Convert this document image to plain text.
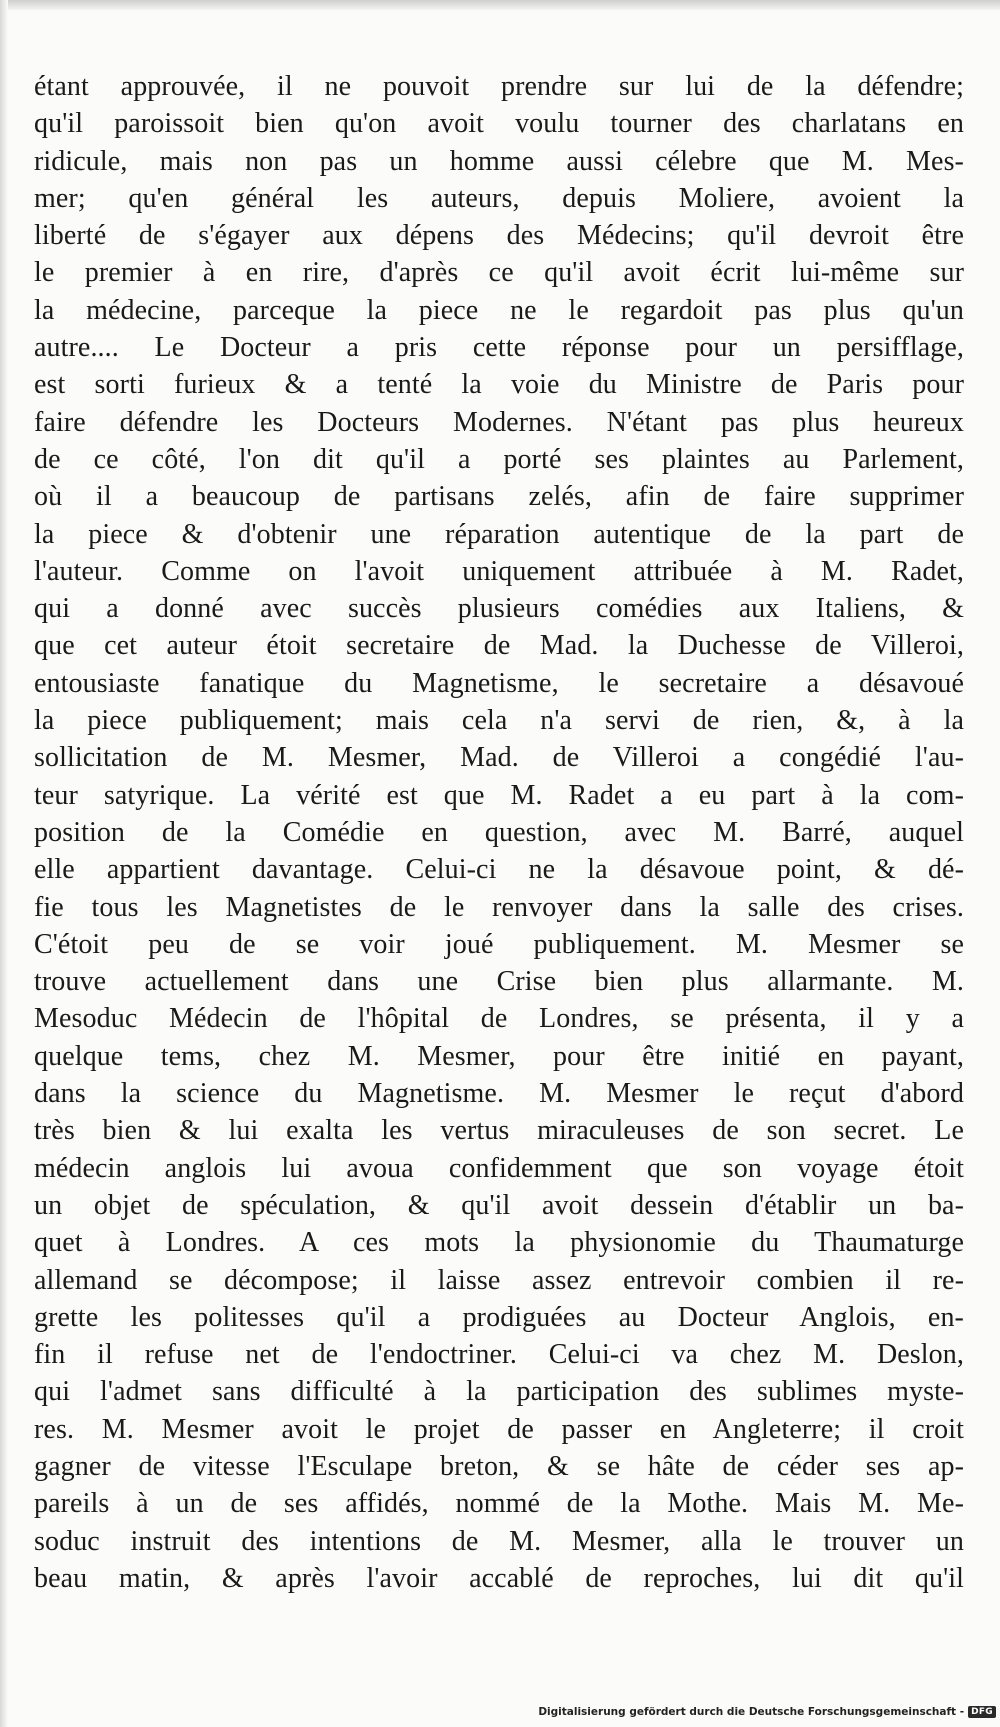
étant approuvée, il ne pouvoit prendre sur lui de la défendre;
qu'il paroissoit bien qu'on avoit voulu tourner des charlatans en
ridicule, mais non pas un homme aussi célebre que M. Mes-
mer; qu'en général les auteurs, depuis Moliere, avoient la
liberté de s'égayer aux dépens des Médecins; qu'il devroit être
le premier à en rire, d'après ce qu'il avoit écrit lui-même sur
la médecine, parceque la piece ne le regardoit pas plus qu'un
autre.... Le Docteur a pris cette réponse pour un persifflage,
est sorti furieux & a tenté la voie du Ministre de Paris pour
faire défendre les Docteurs Modernes. N'étant pas plus heureux
de ce côté, l'on dit qu'il a porté ses plaintes au Parlement,
où il a beaucoup de partisans zelés, afin de faire supprimer
la piece & d'obtenir une réparation autentique de la part de
l'auteur. Comme on l'avoit uniquement attribuée à M. Radet,
qui a donné avec succès plusieurs comédies aux Italiens, &
que cet auteur étoit secretaire de Mad. la Duchesse de Villeroi,
entousiaste fanatique du Magnetisme, le secretaire a désavoué
la piece publiquement; mais cela n'a servi de rien, &, à la
sollicitation de M. Mesmer, Mad. de Villeroi a congédié l'au-
teur satyrique. La vérité est que M. Radet a eu part à la com-
position de la Comédie en question, avec M. Barré, auquel
elle appartient davantage. Celui-ci ne la désavoue point, & dé-
fie tous les Magnetistes de le renvoyer dans la salle des crises.
C'étoit peu de se voir joué publiquement. M. Mesmer se
trouve actuellement dans une Crise bien plus allarmante. M.
Mesoduc Médecin de l'hôpital de Londres, se présenta, il y a
quelque tems, chez M. Mesmer, pour être initié en payant,
dans la science du Magnetisme. M. Mesmer le reçut d'abord
très bien & lui exalta les vertus miraculeuses de son secret. Le
médecin anglois lui avoua confidemment que son voyage étoit
un objet de spéculation, & qu'il avoit dessein d'établir un ba-
quet à Londres. A ces mots la physionomie du Thaumaturge
allemand se décompose; il laisse assez entrevoir combien il re-
grette les politesses qu'il a prodiguées au Docteur Anglois, en-
fin il refuse net de l'endoctriner. Celui-ci va chez M. Deslon,
qui l'admet sans difficulté à la participation des sublimes myste-
res. M. Mesmer avoit le projet de passer en Angleterre; il croit
gagner de vitesse l'Esculape breton, & se hâte de céder ses ap-
pareils à un de ses affidés, nommé de la Mothe. Mais M. Me-
soduc instruit des intentions de M. Mesmer, alla le trouver un
beau matin, & après l'avoir accablé de reproches, lui dit qu'il
Digitalisierung gefördert durch die Deutsche Forschungsgemeinschaft - DFG
